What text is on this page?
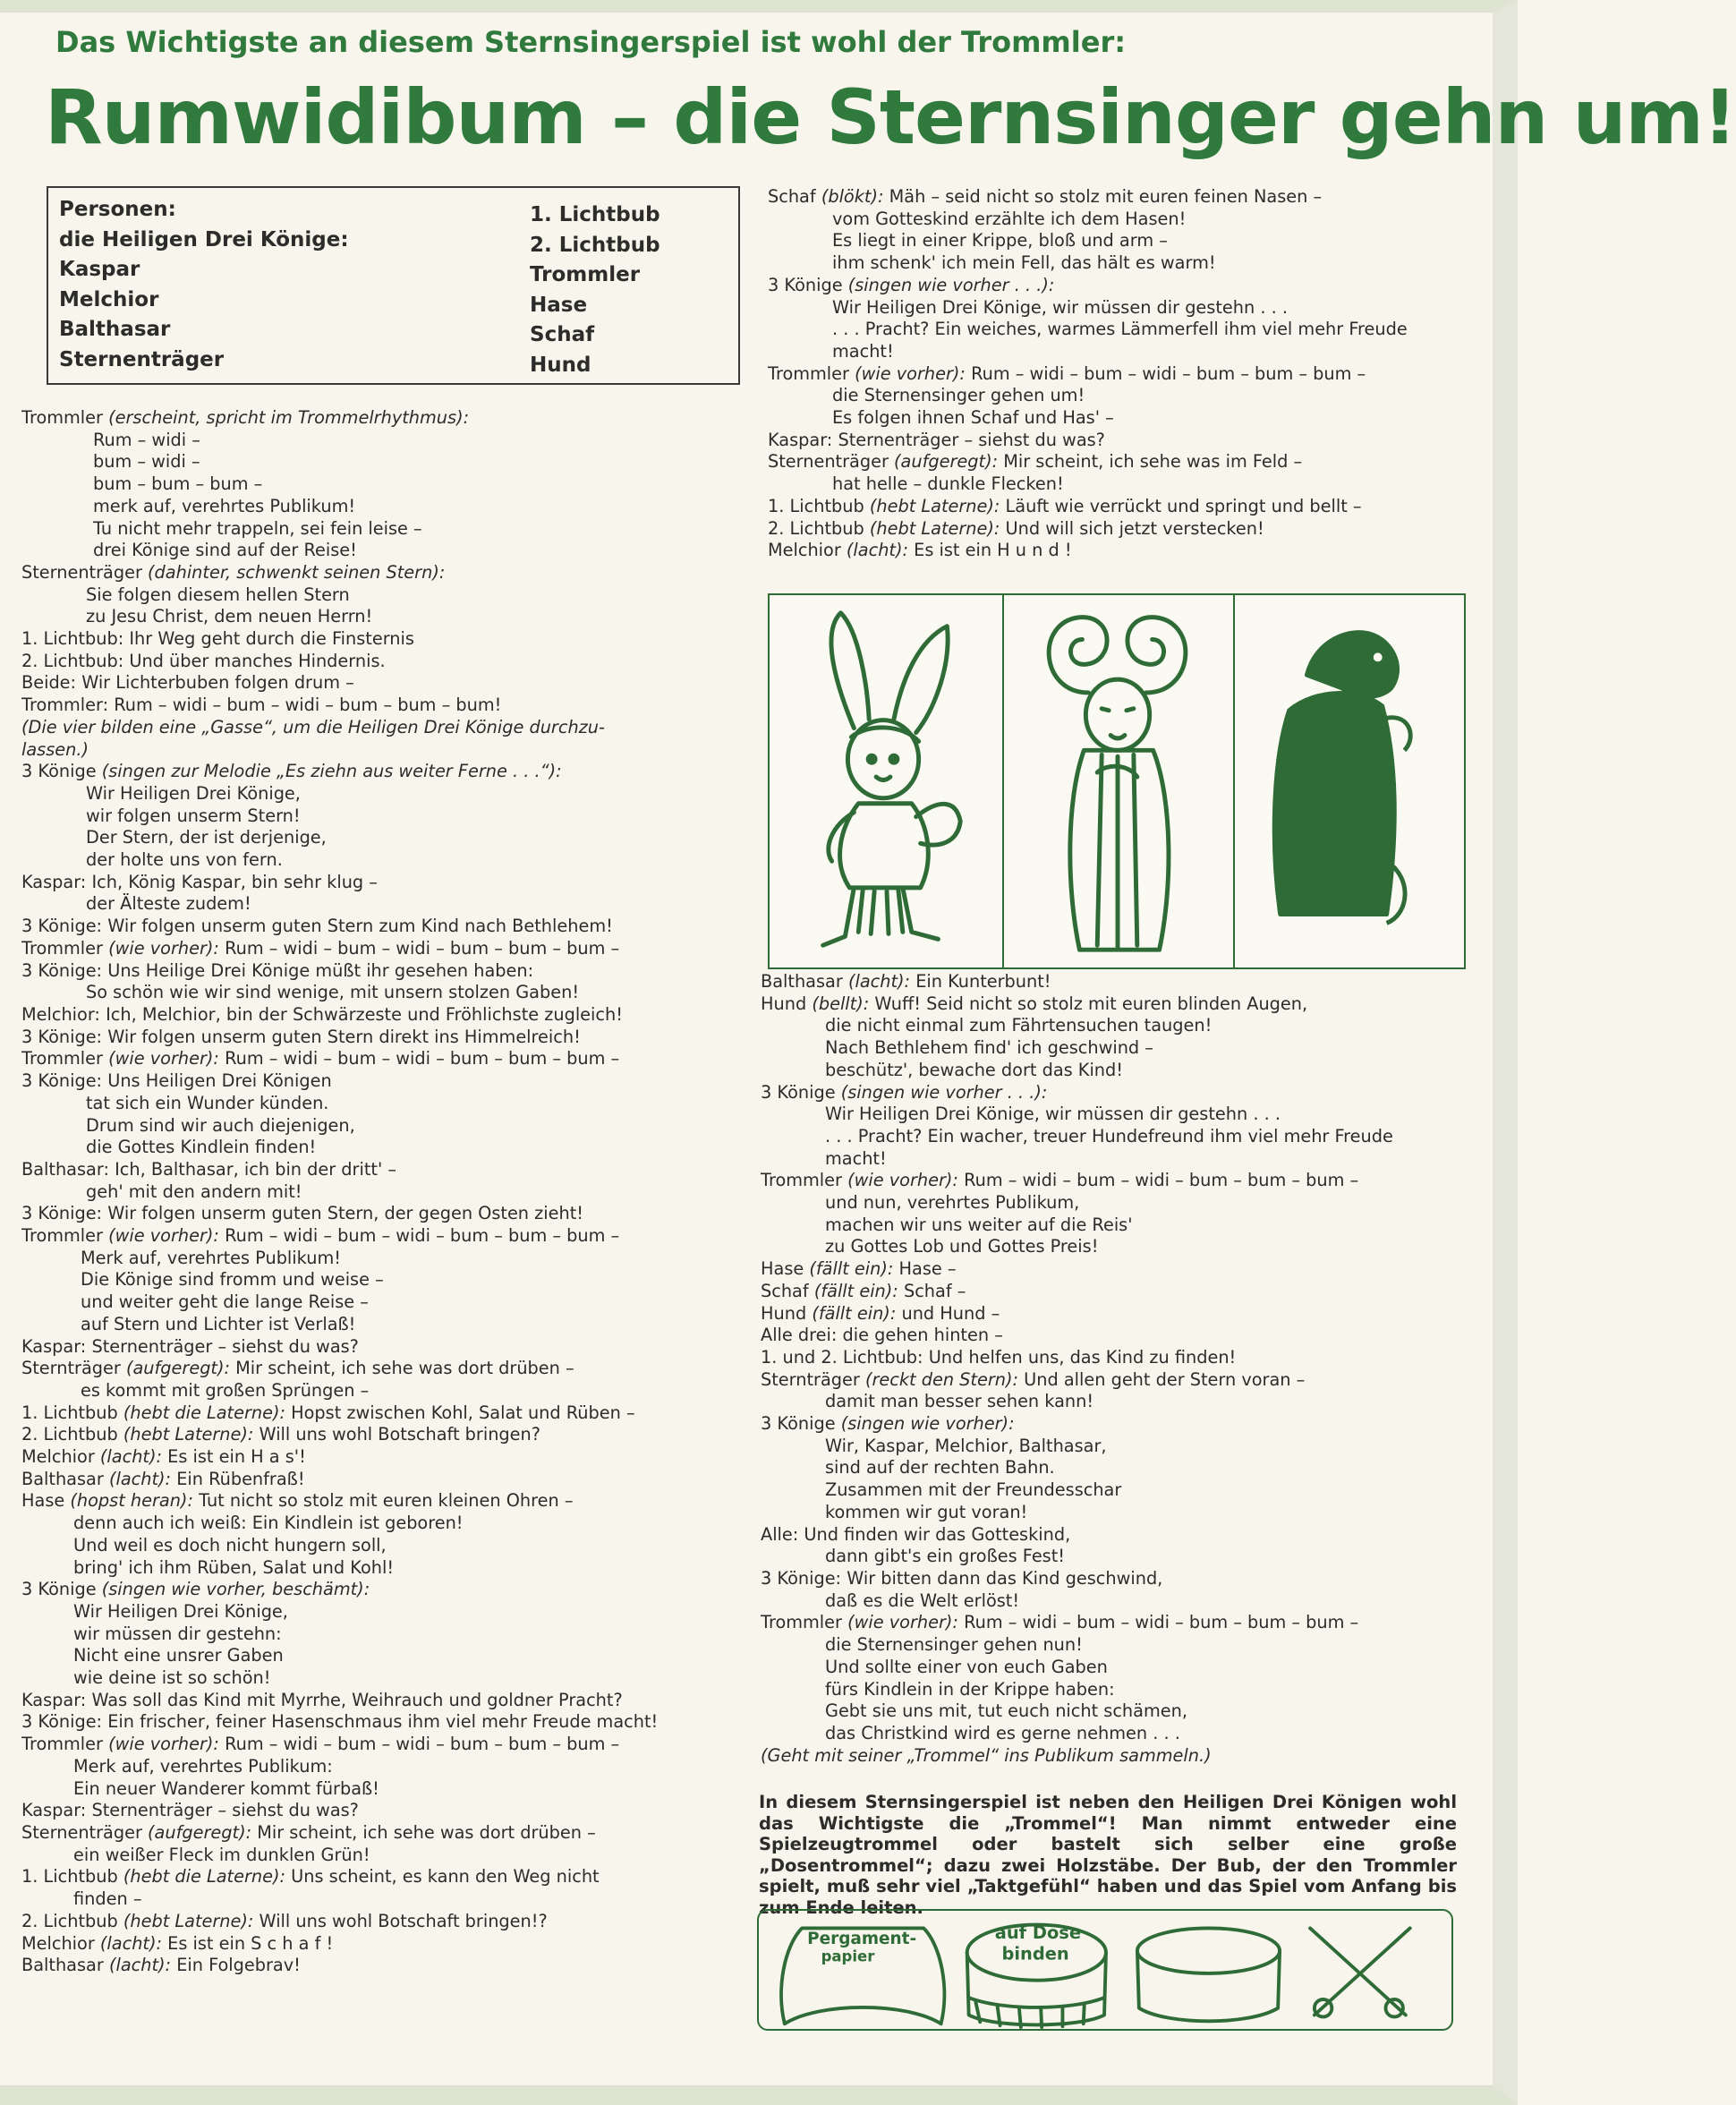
Das Wichtigste an diesem Sternsingerspiel ist wohl der Trommler:
Rumwidibum – die Sternsinger gehn um!
Personen:
die Heiligen Drei Könige:
Kaspar
Melchior
Balthasar
Sternenträger
1. Lichtbub
2. Lichtbub
Trommler
Hase
Schaf
Hund
Trommler (erscheint, spricht im Trommelrhythmus):
Rum – widi –
bum – widi –
bum – bum – bum –
merk auf, verehrtes Publikum!
Tu nicht mehr trappeln, sei fein leise –
drei Könige sind auf der Reise!
Sternenträger (dahinter, schwenkt seinen Stern):
Sie folgen diesem hellen Stern
zu Jesu Christ, dem neuen Herrn!
1. Lichtbub: Ihr Weg geht durch die Finsternis
2. Lichtbub: Und über manches Hindernis.
Beide: Wir Lichterbuben folgen drum –
Trommler: Rum – widi – bum – widi – bum – bum – bum!
(Die vier bilden eine „Gasse“, um die Heiligen Drei Könige durchzu-
lassen.)
3 Könige (singen zur Melodie „Es ziehn aus weiter Ferne . . .“):
Wir Heiligen Drei Könige,
wir folgen unserm Stern!
Der Stern, der ist derjenige,
der holte uns von fern.
Kaspar: Ich, König Kaspar, bin sehr klug –
der Älteste zudem!
3 Könige: Wir folgen unserm guten Stern zum Kind nach Bethlehem!
Trommler (wie vorher): Rum – widi – bum – widi – bum – bum – bum –
3 Könige: Uns Heilige Drei Könige müßt ihr gesehen haben:
So schön wie wir sind wenige, mit unsern stolzen Gaben!
Melchior: Ich, Melchior, bin der Schwärzeste und Fröhlichste zugleich!
3 Könige: Wir folgen unserm guten Stern direkt ins Himmelreich!
Trommler (wie vorher): Rum – widi – bum – widi – bum – bum – bum –
3 Könige: Uns Heiligen Drei Königen
tat sich ein Wunder künden.
Drum sind wir auch diejenigen,
die Gottes Kindlein finden!
Balthasar: Ich, Balthasar, ich bin der dritt' –
geh' mit den andern mit!
3 Könige: Wir folgen unserm guten Stern, der gegen Osten zieht!
Trommler (wie vorher): Rum – widi – bum – widi – bum – bum – bum –
Merk auf, verehrtes Publikum!
Die Könige sind fromm und weise –
und weiter geht die lange Reise –
auf Stern und Lichter ist Verlaß!
Kaspar: Sternenträger – siehst du was?
Sternträger (aufgeregt): Mir scheint, ich sehe was dort drüben –
es kommt mit großen Sprüngen –
1. Lichtbub (hebt die Laterne): Hopst zwischen Kohl, Salat und Rüben –
2. Lichtbub (hebt Laterne): Will uns wohl Botschaft bringen?
Melchior (lacht): Es ist ein H a s'!
Balthasar (lacht): Ein Rübenfraß!
Hase (hopst heran): Tut nicht so stolz mit euren kleinen Ohren –
denn auch ich weiß: Ein Kindlein ist geboren!
Und weil es doch nicht hungern soll,
bring' ich ihm Rüben, Salat und Kohl!
3 Könige (singen wie vorher, beschämt):
Wir Heiligen Drei Könige,
wir müssen dir gestehn:
Nicht eine unsrer Gaben
wie deine ist so schön!
Kaspar: Was soll das Kind mit Myrrhe, Weihrauch und goldner Pracht?
3 Könige: Ein frischer, feiner Hasenschmaus ihm viel mehr Freude macht!
Trommler (wie vorher): Rum – widi – bum – widi – bum – bum – bum –
Merk auf, verehrtes Publikum:
Ein neuer Wanderer kommt fürbaß!
Kaspar: Sternenträger – siehst du was?
Sternenträger (aufgeregt): Mir scheint, ich sehe was dort drüben –
ein weißer Fleck im dunklen Grün!
1. Lichtbub (hebt die Laterne): Uns scheint, es kann den Weg nicht
finden –
2. Lichtbub (hebt Laterne): Will uns wohl Botschaft bringen!?
Melchior (lacht): Es ist ein S c h a f !
Balthasar (lacht): Ein Folgebrav!
Schaf (blökt): Mäh – seid nicht so stolz mit euren feinen Nasen –
vom Gotteskind erzählte ich dem Hasen!
Es liegt in einer Krippe, bloß und arm –
ihm schenk' ich mein Fell, das hält es warm!
3 Könige (singen wie vorher . . .):
Wir Heiligen Drei Könige, wir müssen dir gestehn . . .
. . . Pracht? Ein weiches, warmes Lämmerfell ihm viel mehr Freude
macht!
Trommler (wie vorher): Rum – widi – bum – widi – bum – bum – bum –
die Sternensinger gehen um!
Es folgen ihnen Schaf und Has' –
Kaspar: Sternenträger – siehst du was?
Sternenträger (aufgeregt): Mir scheint, ich sehe was im Feld –
hat helle – dunkle Flecken!
1. Lichtbub (hebt Laterne): Läuft wie verrückt und springt und bellt –
2. Lichtbub (hebt Laterne): Und will sich jetzt verstecken!
Melchior (lacht): Es ist ein H u n d !
Balthasar (lacht): Ein Kunterbunt!
Hund (bellt): Wuff! Seid nicht so stolz mit euren blinden Augen,
die nicht einmal zum Fährtensuchen taugen!
Nach Bethlehem find' ich geschwind –
beschütz', bewache dort das Kind!
3 Könige (singen wie vorher . . .):
Wir Heiligen Drei Könige, wir müssen dir gestehn . . .
. . . Pracht? Ein wacher, treuer Hundefreund ihm viel mehr Freude
macht!
Trommler (wie vorher): Rum – widi – bum – widi – bum – bum – bum –
und nun, verehrtes Publikum,
machen wir uns weiter auf die Reis'
zu Gottes Lob und Gottes Preis!
Hase (fällt ein): Hase –
Schaf (fällt ein): Schaf –
Hund (fällt ein): und Hund –
Alle drei: die gehen hinten –
1. und 2. Lichtbub: Und helfen uns, das Kind zu finden!
Sternträger (reckt den Stern): Und allen geht der Stern voran –
damit man besser sehen kann!
3 Könige (singen wie vorher):
Wir, Kaspar, Melchior, Balthasar,
sind auf der rechten Bahn.
Zusammen mit der Freundesschar
kommen wir gut voran!
Alle: Und finden wir das Gotteskind,
dann gibt's ein großes Fest!
3 Könige: Wir bitten dann das Kind geschwind,
daß es die Welt erlöst!
Trommler (wie vorher): Rum – widi – bum – widi – bum – bum – bum –
die Sternensinger gehen nun!
Und sollte einer von euch Gaben
fürs Kindlein in der Krippe haben:
Gebt sie uns mit, tut euch nicht schämen,
das Christkind wird es gerne nehmen . . .
(Geht mit seiner „Trommel“ ins Publikum sammeln.)
In diesem Sternsingerspiel ist neben den Heiligen Drei Königen wohl das Wichtigste die „Trommel“! Man nimmt entweder eine Spielzeugtrommel oder bastelt sich selber eine große „Dosentrommel“; dazu zwei Holzstäbe. Der Bub, der den Trommler spielt, muß sehr viel „Taktgefühl“ haben und das Spiel vom Anfang bis zum Ende leiten.
Pergament-
papier
auf Dose
binden
